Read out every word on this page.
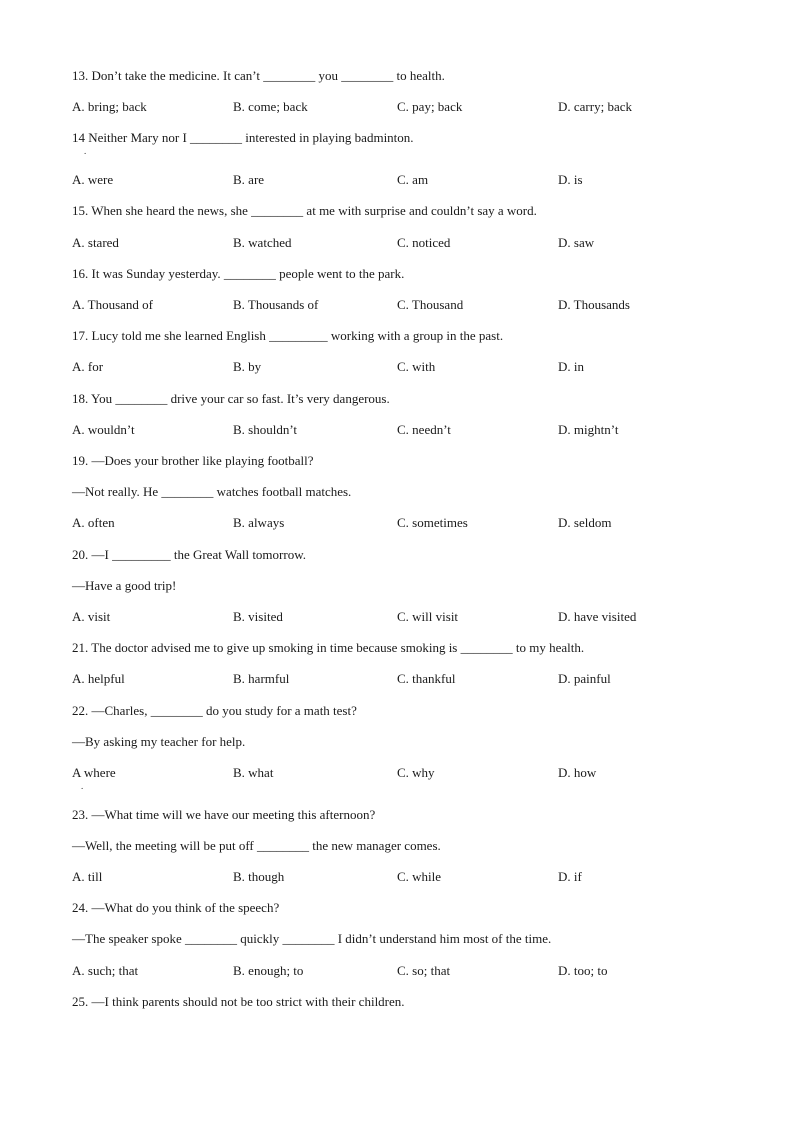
13. Don’t take the medicine. It can’t ________ you ________ to health.
A. bring; back	B. come; back	C. pay; back	D. carry; back
14 Neither Mary nor I ________ interested in playing badminton.
.
A. were	B. are	C. am	D. is
15. When she heard the news, she ________ at me with surprise and couldn’t say a word.
A. stared	B. watched	C. noticed	D. saw
16. It was Sunday yesterday. ________ people went to the park.
A. Thousand of	B. Thousands of	C. Thousand	D. Thousands
17. Lucy told me she learned English _________ working with a group in the past.
A. for	B. by	C. with	D. in
18. You ________ drive your car so fast. It’s very dangerous.
A. wouldn’t	B. shouldn’t	C. needn’t	D. mightn’t
19. —Does your brother like playing football?
—Not really. He ________ watches football matches.
A. often	B. always	C. sometimes	D. seldom
20. —I _________ the Great Wall tomorrow.
—Have a good trip!
A. visit	B. visited	C. will visit	D. have visited
21. The doctor advised me to give up smoking in time because smoking is ________ to my health.
A. helpful	B. harmful	C. thankful	D. painful
22. —Charles, ________ do you study for a math test?
—By asking my teacher for help.
A where	B. what	C. why	D. how
.
23. —What time will we have our meeting this afternoon?
—Well, the meeting will be put off ________ the new manager comes.
A. till	B. though	C. while	D. if
24. —What do you think of the speech?
—The speaker spoke ________ quickly ________ I didn’t understand him most of the time.
A. such; that	B. enough; to	C. so; that	D. too; to
25. —I think parents should not be too strict with their children.
